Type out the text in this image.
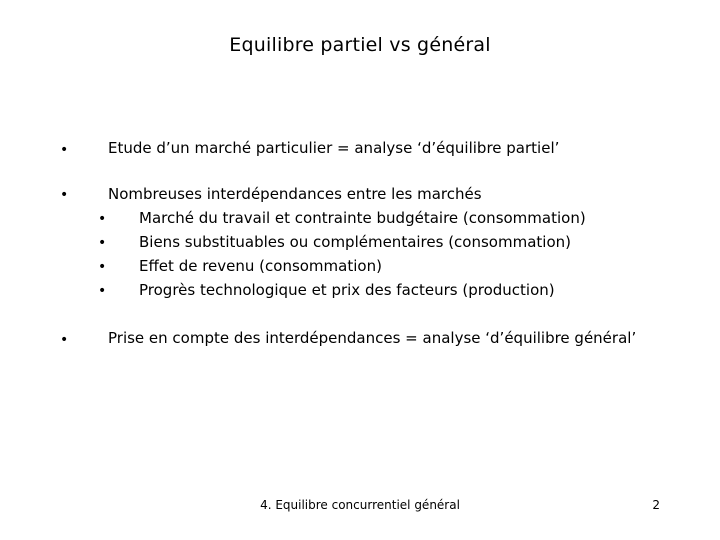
Equilibre partiel vs général
•	Etude d’un marché particulier = analyse ‘d’équilibre partiel’
•	Nombreuses interdépendances entre les marchés
• Marché du travail et contrainte budgétaire (consommation)
• Biens substituables ou complémentaires (consommation)
• Effet de revenu (consommation)
• Progrès technologique et prix des facteurs (production)
•	Prise en compte des interdépendances = analyse ‘d’équilibre général’
4. Equilibre concurrentiel général	2
